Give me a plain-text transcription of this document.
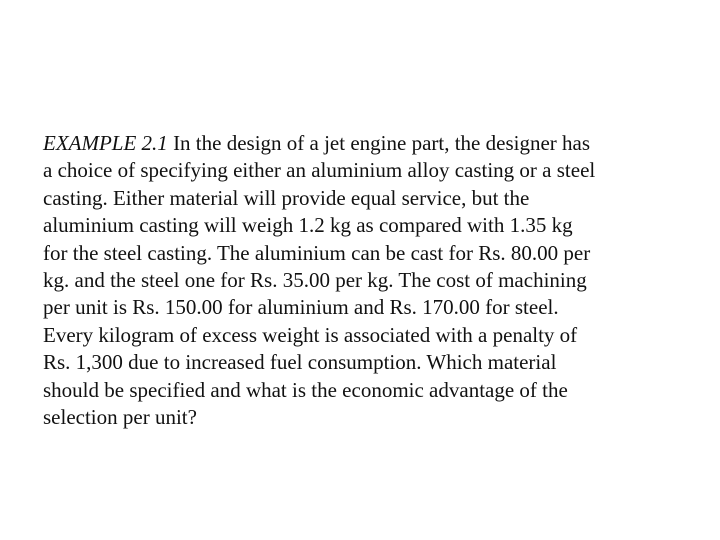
EXAMPLE 2.1 In the design of a jet engine part, the designer has
a choice of specifying either an aluminium alloy casting or a steel
casting. Either material will provide equal service, but the
aluminium casting will weigh 1.2 kg as compared with 1.35 kg
for the steel casting. The aluminium can be cast for Rs. 80.00 per
kg. and the steel one for Rs. 35.00 per kg. The cost of machining
per unit is Rs. 150.00 for aluminium and Rs. 170.00 for steel.
Every kilogram of excess weight is associated with a penalty of
Rs. 1,300 due to increased fuel consumption. Which material
should be specified and what is the economic advantage of the
selection per unit?
